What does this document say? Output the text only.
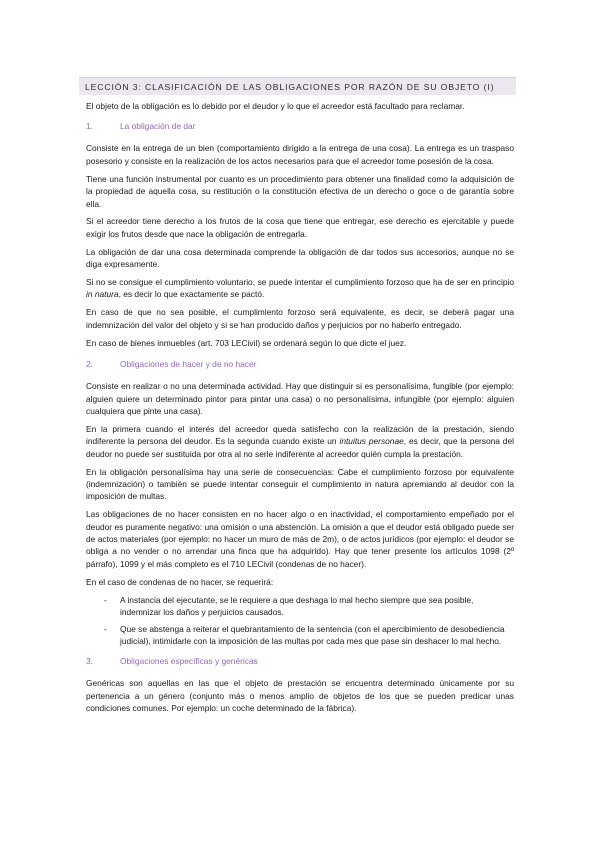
LECCIÓN 3: CLASIFICACIÓN DE LAS OBLIGACIONES POR RAZÓN DE SU OBJETO (I)

El objeto de la obligación es lo debido por el deudor y lo que el acreedor está facultado para reclamar.

1.	La obligación de dar

Consiste en la entrega de un bien (comportamiento dirigido a la entrega de una cosa). La entrega es un traspaso posesorio y consiste en la realización de los actos necesarios para que el acreedor tome posesión de la cosa.

Tiene una función instrumental por cuanto es un procedimiento para obtener una finalidad como la adquisición de la propiedad de aquella cosa, su restitución o la constitución efectiva de un derecho o goce o de garantía sobre ella.

Si el acreedor tiene derecho a los frutos de la cosa que tiene que entregar, ese derecho es ejercitable y puede exigir los frutos desde que nace la obligación de entregarla.

La obligación de dar una cosa determinada comprende la obligación de dar todos sus accesorios, aunque no se diga expresamente.

Si no se consigue el cumplimiento voluntario, se puede intentar el cumplimiento forzoso que ha de ser en principio in natura, es decir lo que exactamente se pactó.

En caso de que no sea posible, el cumplimiento forzoso será equivalente, es decir, se deberá pagar una indemnización del valor del objeto y si se han producido daños y perjuicios por no haberlo entregado.

En caso de bienes inmuebles (art. 703 LECivil) se ordenará según lo que dicte el juez.

2.	Obligaciones de hacer y de no hacer

Consiste en realizar o no una determinada actividad. Hay que distinguir si es personalísima, fungible (por ejemplo: alguien quiere un determinado pintor para pintar una casa) o no personalísima, infungible (por ejemplo: alguien cualquiera que pinte una casa).

En la primera cuando el interés del acreedor queda satisfecho con la realización de la prestación, siendo indiferente la persona del deudor. Es la segunda cuando existe un intuitus personae, es decir, que la persona del deudor no puede ser sustituida por otra al no serle indiferente al acreedor quién cumpla la prestación.

En la obligación personalísima hay una serie de consecuencias: Cabe el cumplimiento forzoso por equivalente (indemnización) o también se puede intentar conseguir el cumplimiento in natura apremiando al deudor con la imposición de multas.

Las obligaciones de no hacer consisten en no hacer algo o en inactividad, el comportamiento empeñado por el deudor es puramente negativo: una omisión o una abstención. La omisión a que el deudor está obligado puede ser de actos materiales (por ejemplo: no hacer un muro de más de 2m), o de actos jurídicos (por ejemplo: el deudor se obliga a no vender o no arrendar una finca que ha adquirido). Hay que tener presente los artículos 1098 (2º párrafo), 1099 y el más completo es el 710 LECivil (condenas de no hacer).

En el caso de condenas de no hacer, se requerirá:

-	A instancia del ejecutante, se le requiere a que deshaga lo mal hecho siempre que sea posible, indemnizar los daños y perjuicios causados.
-	Que se abstenga a reiterar el quebrantamiento de la sentencia (con el apercibimiento de desobediencia judicial), intimidarle con la imposición de las multas por cada mes que pase sin deshacer lo mal hecho.
3.	Obligaciones específicas y genéricas

Genéricas son aquellas en las que el objeto de prestación se encuentra determinado únicamente por su pertenencia a un género (conjunto más o menos amplio de objetos de los que se pueden predicar unas condiciones comunes. Por ejemplo: un coche determinado de la fábrica).
